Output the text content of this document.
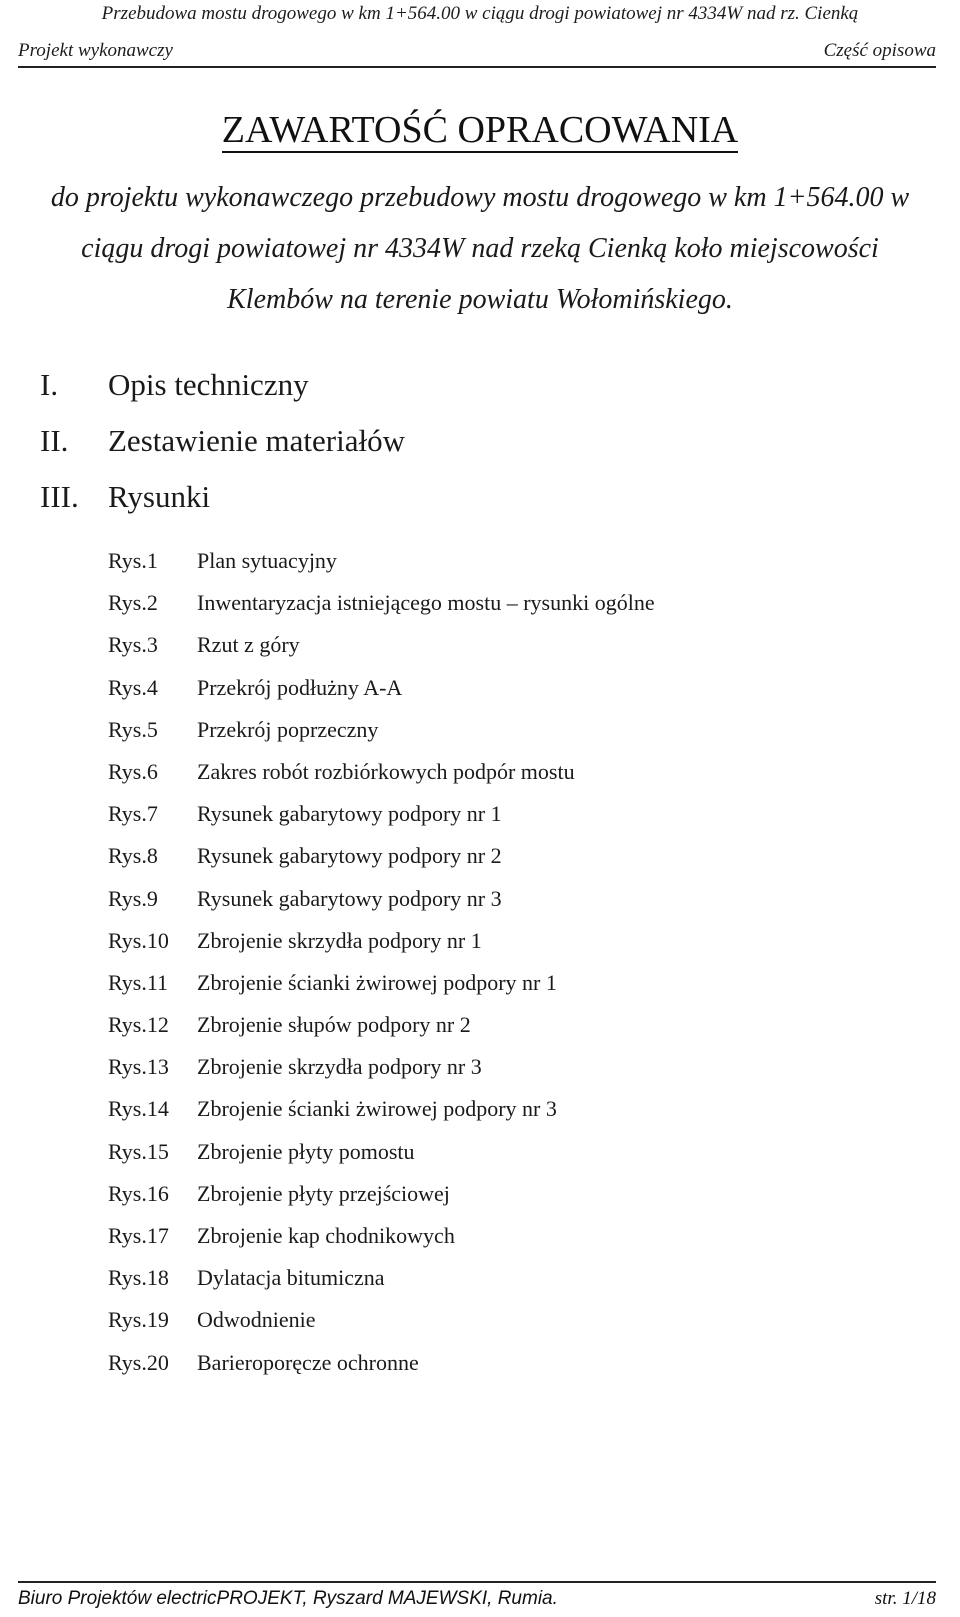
Przebudowa mostu drogowego w km 1+564.00 w ciągu drogi powiatowej nr 4334W nad rz. Cienką
Projekt wykonawczy	Część opisowa
ZAWARTOŚĆ OPRACOWANIA
do projektu wykonawczego przebudowy mostu drogowego w km 1+564.00 w
ciągu drogi powiatowej nr 4334W nad rzeką Cienką koło miejscowości
Klembów na terenie powiatu Wołomińskiego.
I. Opis techniczny
II. Zestawienie materiałów
III. Rysunki
Rys.1 Plan sytuacyjny
Rys.2 Inwentaryzacja istniejącego mostu – rysunki ogólne
Rys.3 Rzut z góry
Rys.4 Przekrój podłużny A-A
Rys.5 Przekrój poprzeczny
Rys.6 Zakres robót rozbiórkowych podpór mostu
Rys.7 Rysunek gabarytowy podpory nr 1
Rys.8 Rysunek gabarytowy podpory nr 2
Rys.9 Rysunek gabarytowy podpory nr 3
Rys.10 Zbrojenie skrzydła podpory nr 1
Rys.11 Zbrojenie ścianki żwirowej podpory nr 1
Rys.12 Zbrojenie słupów podpory nr 2
Rys.13 Zbrojenie skrzydła podpory nr 3
Rys.14 Zbrojenie ścianki żwirowej podpory nr 3
Rys.15 Zbrojenie płyty pomostu
Rys.16 Zbrojenie płyty przejściowej
Rys.17 Zbrojenie kap chodnikowych
Rys.18 Dylatacja bitumiczna
Rys.19 Odwodnienie
Rys.20 Barieroporęcze ochronne
Biuro Projektów electricPROJEKT, Ryszard MAJEWSKI, Rumia.	str. 1/18
